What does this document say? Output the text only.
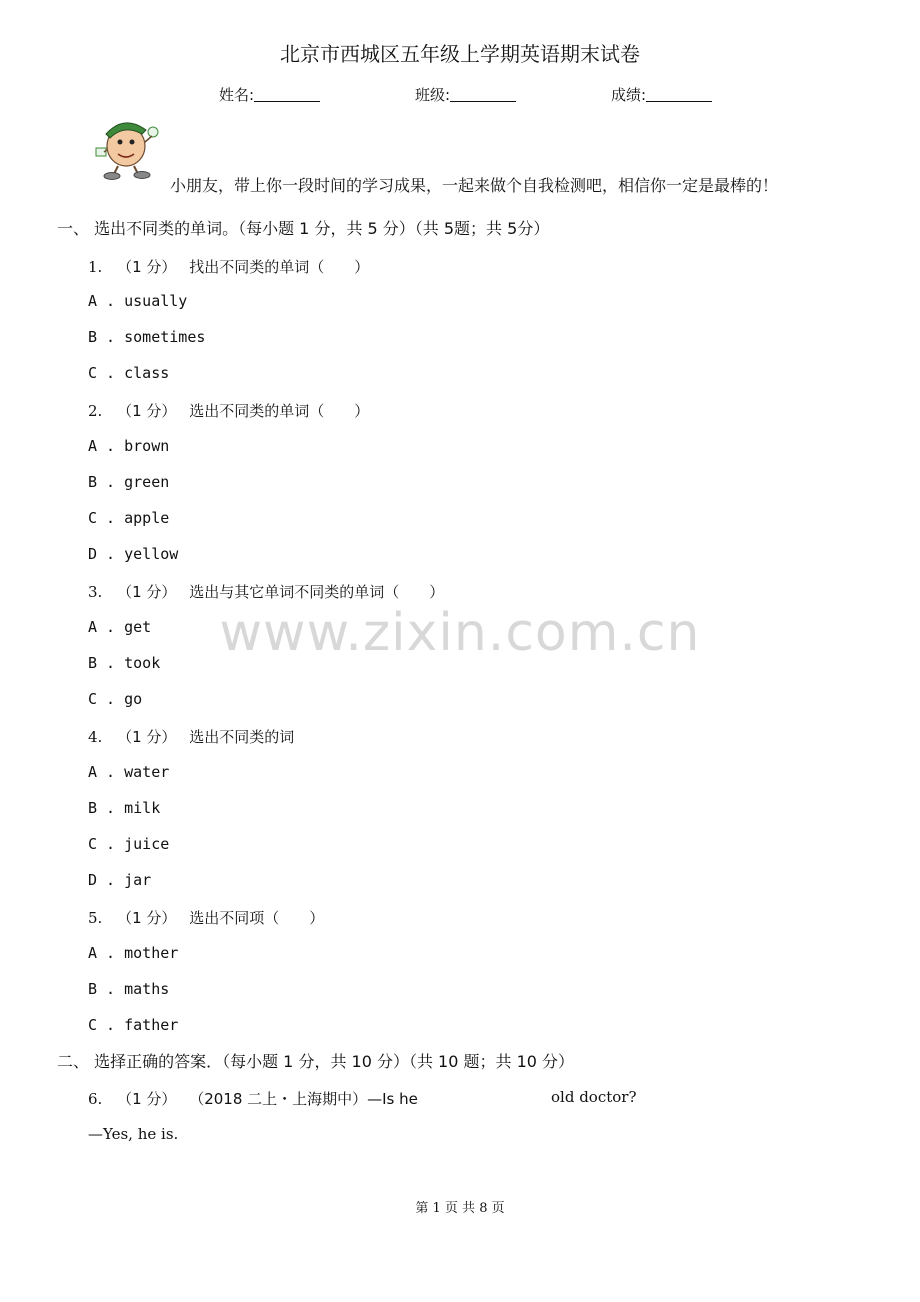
北京市西城区五年级上学期英语期末试卷
姓名:	班级:	成绩:
小朋友，带上你一段时间的学习成果，一起来做个自我检测吧，相信你一定是最棒的！
一、 选出不同类的单词。（每小题 1 分，共 5 分）（共 5题；共 5分）
1. （1 分） 找出不同类的单词（　　）
A . usually
B . sometimes
C . class
2. （1 分） 选出不同类的单词（　　）
A . brown
B . green
C . apple
D . yellow
3. （1 分） 选出与其它单词不同类的单词（　　）
A . get
B . took
C . go
4. （1 分） 选出不同类的词
A . water
B . milk
C . juice
D . jar
5. （1 分） 选出不同项（　　）
A . mother
B . maths
C . father
二、 选择正确的答案．（每小题 1 分，共 10 分）（共 10 题；共 10 分）
6. （1 分） （2018 二上・上海期中）—Is he	old doctor?
—Yes, he is.
www.zixin.com.cn
第 1 页 共 8 页
